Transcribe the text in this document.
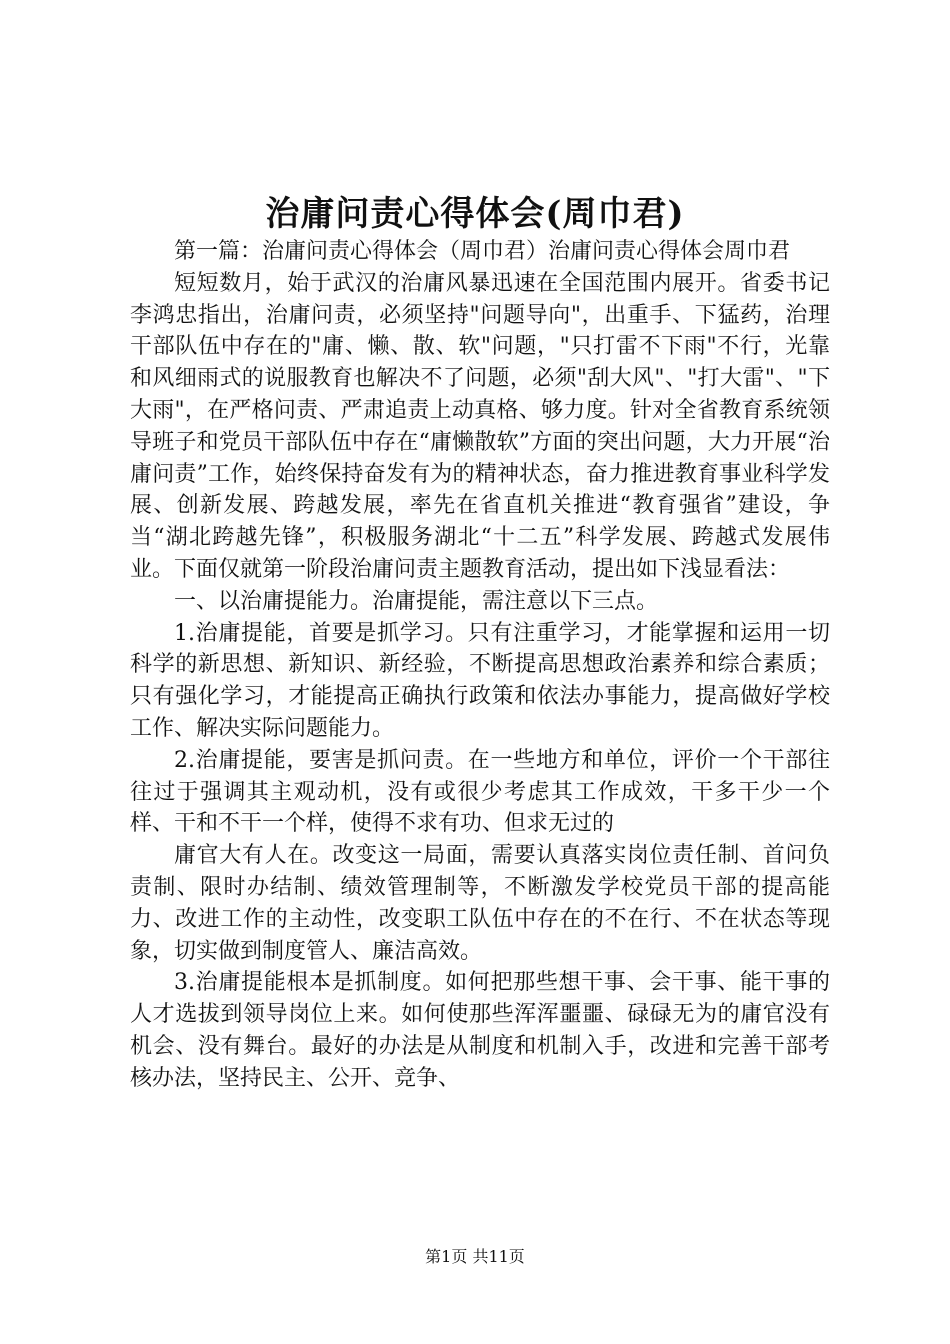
治庸问责心得体会(周巾君)

第一篇：治庸问责心得体会（周巾君）治庸问责心得体会周巾君

短短数月，始于武汉的治庸风暴迅速在全国范围内展开。省委书记李鸿忠指出，治庸问责，必须坚持"问题导向"，出重手、下猛药，治理干部队伍中存在的"庸、懒、散、软"问题，"只打雷不下雨"不行，光靠和风细雨式的说服教育也解决不了问题，必须"刮大风"、"打大雷"、"下大雨"，在严格问责、严肃追责上动真格、够力度。针对全省教育系统领导班子和党员干部队伍中存在“庸懒散软”方面的突出问题，大力开展“治庸问责”工作，始终保持奋发有为的精神状态，奋力推进教育事业科学发展、创新发展、跨越发展，率先在省直机关推进“教育强省”建设，争当“湖北跨越先锋”，积极服务湖北“十二五”科学发展、跨越式发展伟业。下面仅就第一阶段治庸问责主题教育活动，提出如下浅显看法：

一、以治庸提能力。治庸提能，需注意以下三点。

1.治庸提能，首要是抓学习。只有注重学习，才能掌握和运用一切科学的新思想、新知识、新经验，不断提高思想政治素养和综合素质；只有强化学习，才能提高正确执行政策和依法办事能力，提高做好学校工作、解决实际问题能力。

2.治庸提能，要害是抓问责。在一些地方和单位，评价一个干部往往过于强调其主观动机，没有或很少考虑其工作成效，干多干少一个样、干和不干一个样，使得不求有功、但求无过的

庸官大有人在。改变这一局面，需要认真落实岗位责任制、首问负责制、限时办结制、绩效管理制等，不断激发学校党员干部的提高能力、改进工作的主动性，改变职工队伍中存在的不在行、不在状态等现象，切实做到制度管人、廉洁高效。

3.治庸提能根本是抓制度。如何把那些想干事、会干事、能干事的人才选拔到领导岗位上来。如何使那些浑浑噩噩、碌碌无为的庸官没有机会、没有舞台。最好的办法是从制度和机制入手，改进和完善干部考核办法，坚持民主、公开、竞争、

第1页 共11页
